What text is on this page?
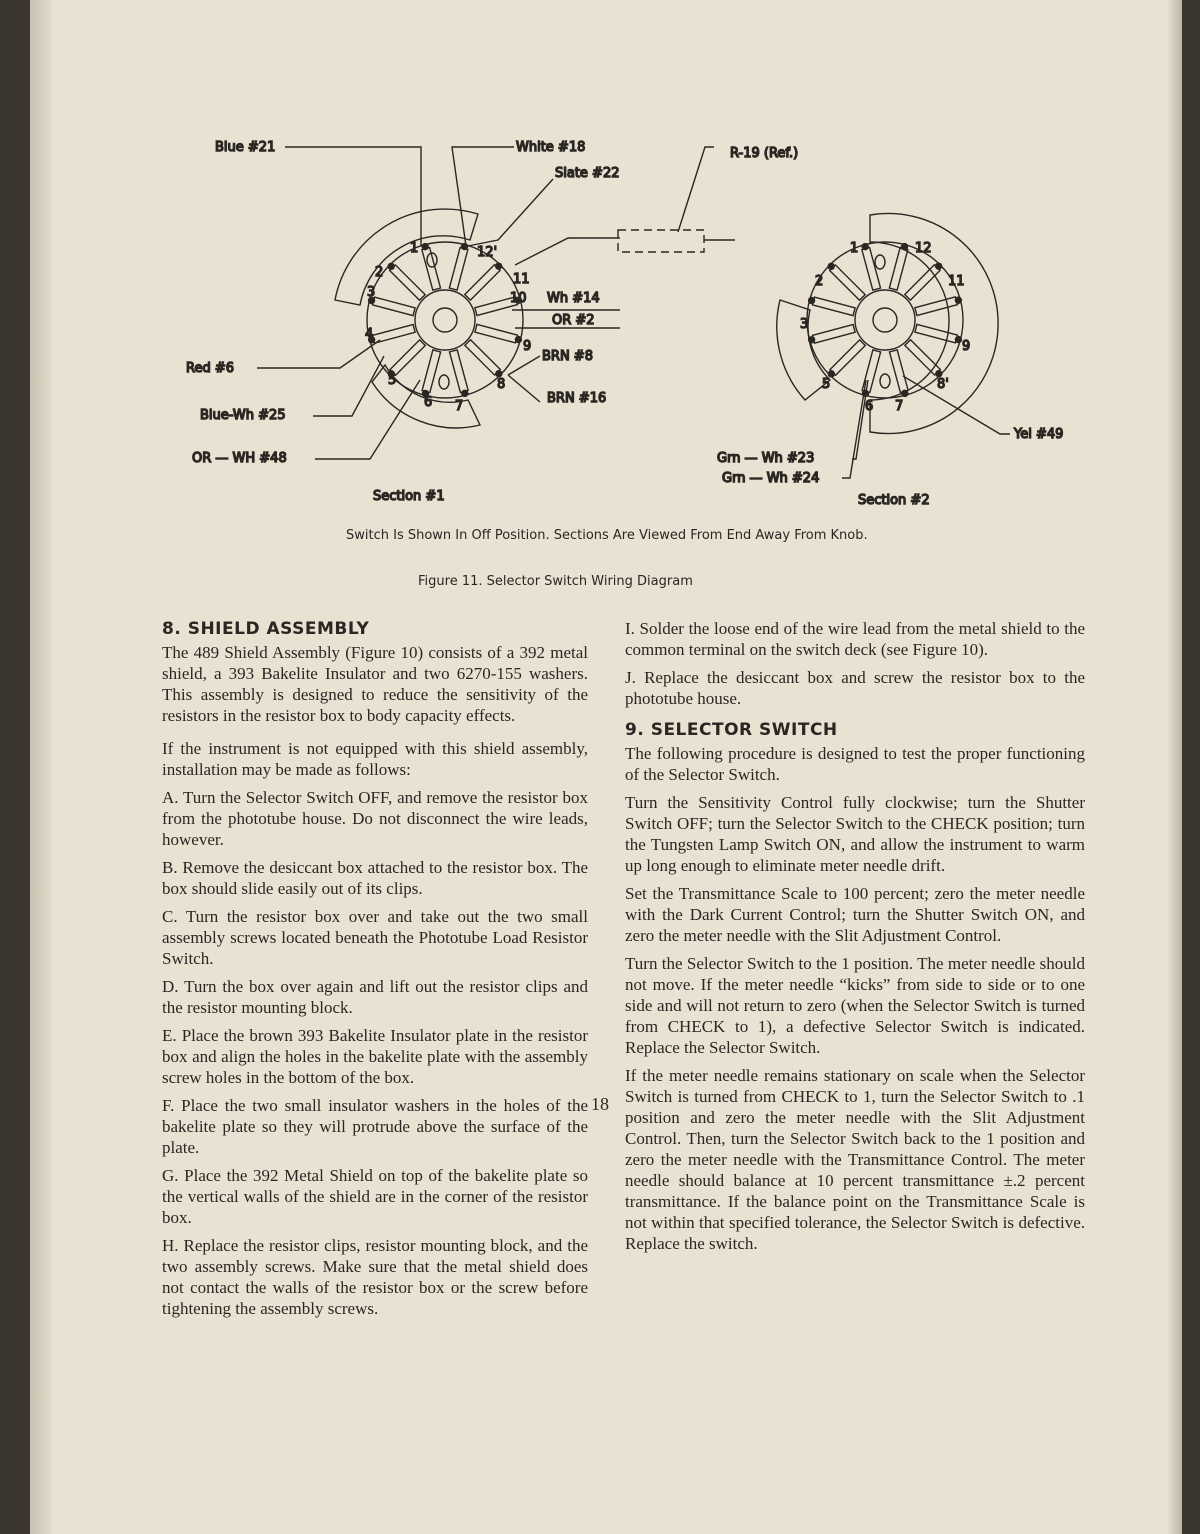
1
2
3
4
5
6 7
8
9
10
11
12'
Blue #21	White #18
Slate #22
Wh #14
OR #2
BRN #8
BRN #16
Red #6
Blue-Wh #25
OR — WH #48
Section #1
R-19 (Ref.)
1
2
3
5
6 7
8'
9
11
12
Yel #49
Grn — Wh #23
Grn — Wh #24
Section #2
Switch Is Shown In Off Position. Sections Are Viewed From End Away From Knob.
Figure 11. Selector Switch Wiring Diagram
8. SHIELD ASSEMBLY

The 489 Shield Assembly (Figure 10) consists of a 392 metal shield, a 393 Bakelite Insulator and two 6270-155 washers. This assembly is designed to reduce the sensitivity of the resistors in the resistor box to body capacity effects.

If the instrument is not equipped with this shield assembly, installation may be made as follows:

A. Turn the Selector Switch OFF, and remove the resistor box from the phototube house. Do not disconnect the wire leads, however.

B. Remove the desiccant box attached to the resistor box. The box should slide easily out of its clips.

C. Turn the resistor box over and take out the two small assembly screws located beneath the Phototube Load Resistor Switch.

D. Turn the box over again and lift out the resistor clips and the resistor mounting block.

E. Place the brown 393 Bakelite Insulator plate in the resistor box and align the holes in the bakelite plate with the assembly screw holes in the bottom of the box.

F. Place the two small insulator washers in the holes of the bakelite plate so they will protrude above the surface of the plate.

G. Place the 392 Metal Shield on top of the bakelite plate so the vertical walls of the shield are in the corner of the resistor box.

H. Replace the resistor clips, resistor mounting block, and the two assembly screws. Make sure that the metal shield does not contact the walls of the resistor box or the screw before tightening the assembly screws.

I. Solder the loose end of the wire lead from the metal shield to the common terminal on the switch deck (see Figure 10).

J. Replace the desiccant box and screw the resistor box to the phototube house.

9. SELECTOR SWITCH

The following procedure is designed to test the proper functioning of the Selector Switch.

Turn the Sensitivity Control fully clockwise; turn the Shutter Switch OFF; turn the Selector Switch to the CHECK position; turn the Tungsten Lamp Switch ON, and allow the instrument to warm up long enough to eliminate meter needle drift.

Set the Transmittance Scale to 100 percent; zero the meter needle with the Dark Current Control; turn the Shutter Switch ON, and zero the meter needle with the Slit Adjustment Control.

Turn the Selector Switch to the 1 position. The meter needle should not move. If the meter needle “kicks” from side to side or to one side and will not return to zero (when the Selector Switch is turned from CHECK to 1), a defective Selector Switch is indicated. Replace the Selector Switch.

If the meter needle remains stationary on scale when the Selector Switch is turned from CHECK to 1, turn the Selector Switch to .1 position and zero the meter needle with the Slit Adjustment Control. Then, turn the Selector Switch back to the 1 position and zero the meter needle with the Transmittance Control. The meter needle should balance at 10 percent transmittance ±.2 percent transmittance. If the balance point on the Transmittance Scale is not within that specified tolerance, the Selector Switch is defective. Replace the switch.

18
